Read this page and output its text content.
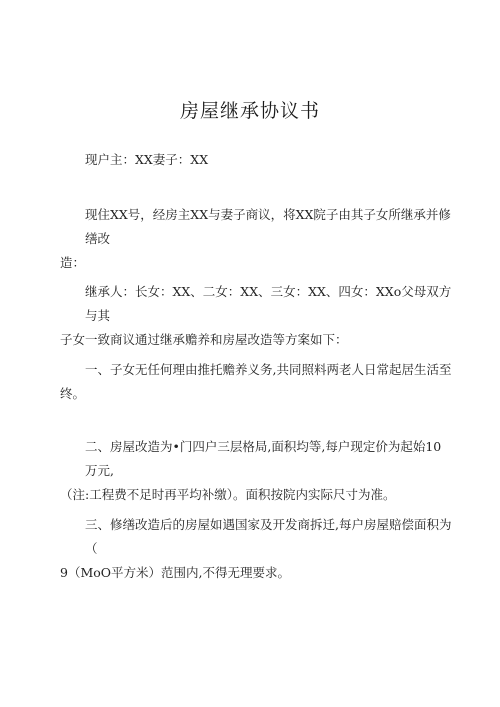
房屋继承协议书
现户主：XX妻子：XX
现住XX号，经房主XX与妻子商议，将XX院子由其子女所继承并修缮改
造：
继承人：长女：XX、二女：XX、三女：XX、四女：XXo父母双方与其
子女一致商议通过继承赡养和房屋改造等方案如下：
一、子女无任何理由推托赡养义务,共同照料两老人日常起居生活至
终。
二、房屋改造为•门四户三层格局,面积均等,每户现定价为起始10万元,
（注:工程费不足时再平均补缴）。面积按院内实际尺寸为准。
三、修缮改造后的房屋如遇国家及开发商拆迁,每户房屋赔偿面积为（
9（MoO平方米）范围内,不得无理要求。
